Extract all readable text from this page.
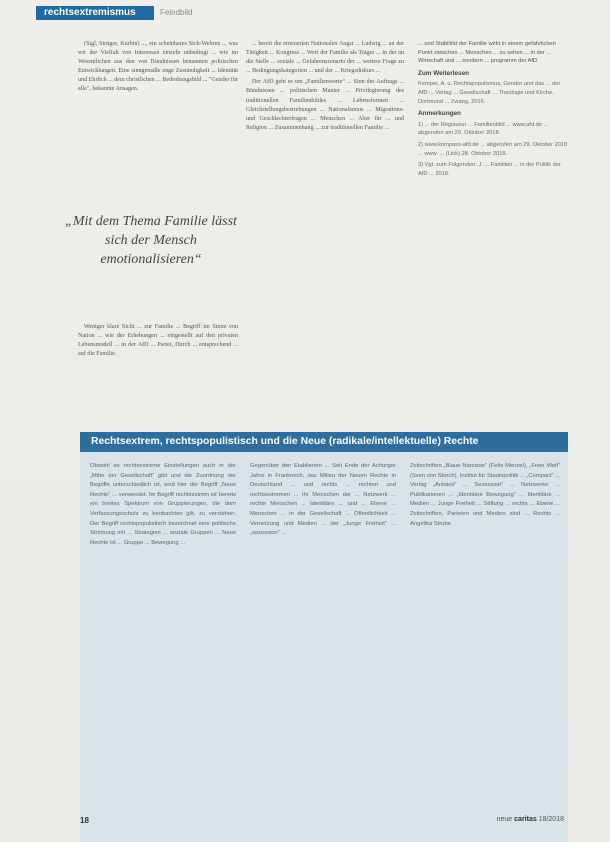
rechtsextremismus	Feindbild

(Sigl, Strüger, Kurbin) ..., ein scheinbares Sich-Wehren ... was wir der Vielfalt von Interessen einzeln unbedingt ... wie im Wesentlichen aus den von Bündnissen benannten politischen Entwicklungen. Eine sinngemäße enge Zuständigkeit ... Identität und Ehrlich ... dem christlichen ... Bedrohungsbild ... "Gender für alle", bekannte Ansagen.

„Mit dem Thema Familie lässt sich der Mensch emotionalisieren“

Weniger klare Sicht ... zur Familie ... Begriff im Sinne von Nation ... wie der Erhebungen ... eingestellt auf den privaten Lebensmodell ... in der AfD ... Partei, Durch ... entsprechend ... auf die Familie.

... bereit die erneuerten Nationalen Angst ... Ludwig ... an der Tätigkeit ... Kongress ... Wert der Familie als Träger ... in der an die Stelle ... soziale ... Gefahrenszenario der ... weitere Frage zu ... Bedingungskategorien ... und der ... Kriegsdiskurs ...

Der AfD geht es um „Familienwerte“ ... Sinn des Auftrags ... Bündnissen ... politischen Manier ... Privilegierung des traditionellen Familienbildes ... Lebensformen ... Gleichstellungsbestrebungen ... Nationalismus ... Migrations- und Geschlechterfragen ... Menschen ... Aber für ... und Religion ... Zusammenhang ... zur traditionellen Familie ...

... und Stabilität der Familie wirkt in einem gefährlichen Punkt zwischen ... Menschen ... zu sehen ... in der ... Wirtschaft und ... sondern ... programm der AfD.

Zum Weiterlesen
Kemper, A. u. Rechtspopulismus, Gender und das ... der AfD ... Verlag ... Gesellschaft ... Theologie und Kirche, Dortmund ... Zwang, 2016.
Anmerkungen
1) ... der Regisseur ... Familienbild ... www.afd.de ... abgerufen am 29. Oktober 2018.
2) www.kompass-afd.de ... abgerufen am 29. Oktober 2018 ... www. ... (Link) 28. Oktober 2018.
3) Vgl. zum Folgenden: J. ... Familien ... in der Politik der AfD ... 2018.
Rechtsextrem, rechtspopulistisch und die Neue (radikale/intellektuelle) Rechte
Obwohl es rechtsextreme Einstellungen auch in der „Mitte der Gesellschaft“ gibt und die Zuordnung der Begriffe unterschiedlich ist, wird hier der Begriff „Neue Rechte“ ... verwendet. Im Begriff rechtsextrem ist bereits ein breites Spektrum von Gruppierungen, die dem Verfassungsschutz zu beobachten gilt, zu verstehen. Der Begriff rechtspopulistisch bezeichnet eine politische Strömung mit ... Strategien ... soziale Gruppen ... Neue Rechte ist ... Gruppe ... Bewegung ...
Gegenüber den Etablierten ... Seit Ende der Achtziger Jahre in Frankreich, das Milieu der Neuen Rechte in Deutschland ... und rechts ... rechten und rechtsextremen ... ihr Menschen der ... Netzwerk ... rechte Menschen ... Identitäre ... und ... Ebene ... Menschen ... in der Gesellschaft ... Öffentlichkeit ... Vernetzung und Medien ... der „Junge Freiheit“ ... „sezession“ ...
Zeitschriften „Blaue Narzisse“ (Felix Menzel), „Freie Welt“ (Sven von Storch), Institut für Staatspolitik ... „Compact“ ... Verlag „Antaios“ ... Sezession“ ... Netzwerke ... Publikationen ... „Identitäre Bewegung“ ... Identitäre ... Medien ... Junge Freiheit ... Stiftung ... rechts ... Ebene ... Zeitschriften, Parteien und Medien sind ... Rechts ... Angelika Strube
18	neue caritas 18/2018
